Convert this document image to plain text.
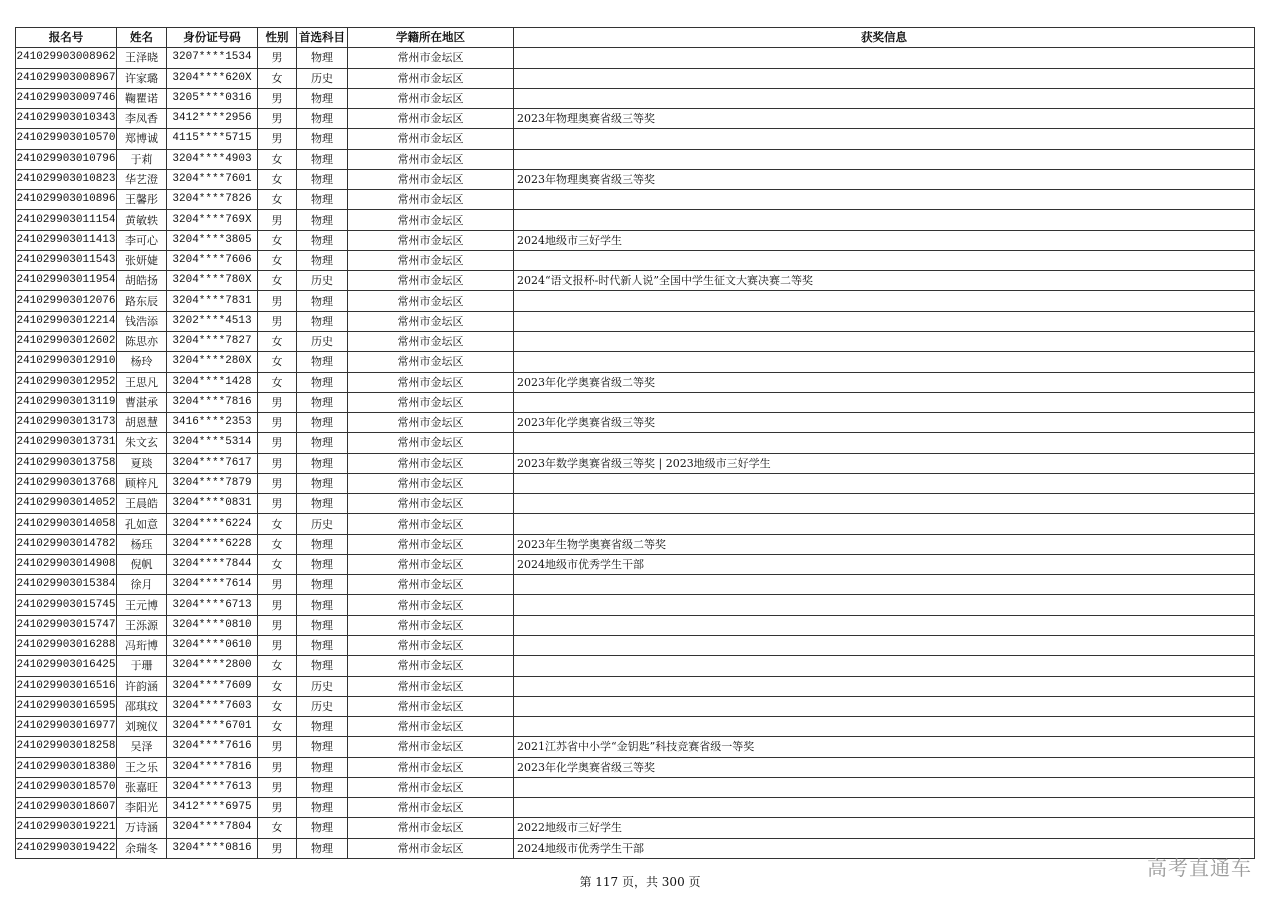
报名号	姓名	身份证号码	性别	首选科目	学籍所在地区	获奖信息
241029903008962	王泽晓	3207****1534	男	物理	常州市金坛区	
241029903008967	许家璐	3204****620X	女	历史	常州市金坛区	
241029903009746	鞠瞿诺	3205****0316	男	物理	常州市金坛区	
241029903010343	李凤香	3412****2956	男	物理	常州市金坛区	2023年物理奥赛省级三等奖
241029903010570	郑博诚	4115****5715	男	物理	常州市金坛区	
241029903010796	于莉	3204****4903	女	物理	常州市金坛区	
241029903010823	华艺澄	3204****7601	女	物理	常州市金坛区	2023年物理奥赛省级三等奖
241029903010896	王馨彤	3204****7826	女	物理	常州市金坛区	
241029903011154	黄敏轶	3204****769X	男	物理	常州市金坛区	
241029903011413	李可心	3204****3805	女	物理	常州市金坛区	2024地级市三好学生
241029903011543	张妍婕	3204****7606	女	物理	常州市金坛区	
241029903011954	胡皓扬	3204****780X	女	历史	常州市金坛区	2024“语文报杯-时代新人说”全国中学生征文大赛决赛二等奖
241029903012076	路东辰	3204****7831	男	物理	常州市金坛区	
241029903012214	钱浩添	3202****4513	男	物理	常州市金坛区	
241029903012602	陈思亦	3204****7827	女	历史	常州市金坛区	
241029903012910	杨玲	3204****280X	女	物理	常州市金坛区	
241029903012952	王思凡	3204****1428	女	物理	常州市金坛区	2023年化学奥赛省级二等奖
241029903013119	曹湛承	3204****7816	男	物理	常州市金坛区	
241029903013173	胡恩慧	3416****2353	男	物理	常州市金坛区	2023年化学奥赛省级三等奖
241029903013731	朱文玄	3204****5314	男	物理	常州市金坛区	
241029903013758	夏琰	3204****7617	男	物理	常州市金坛区	2023年数学奥赛省级三等奖 | 2023地级市三好学生
241029903013768	顾梓凡	3204****7879	男	物理	常州市金坛区	
241029903014052	王晨皓	3204****0831	男	物理	常州市金坛区	
241029903014058	孔如意	3204****6224	女	历史	常州市金坛区	
241029903014782	杨珏	3204****6228	女	物理	常州市金坛区	2023年生物学奥赛省级二等奖
241029903014908	倪帆	3204****7844	女	物理	常州市金坛区	2024地级市优秀学生干部
241029903015384	徐月	3204****7614	男	物理	常州市金坛区	
241029903015745	王元博	3204****6713	男	物理	常州市金坛区	
241029903015747	王泺源	3204****0810	男	物理	常州市金坛区	
241029903016288	冯珩博	3204****0610	男	物理	常州市金坛区	
241029903016425	于珊	3204****2800	女	物理	常州市金坛区	
241029903016516	许韵涵	3204****7609	女	历史	常州市金坛区	
241029903016595	邵琪玟	3204****7603	女	历史	常州市金坛区	
241029903016977	刘琬仪	3204****6701	女	物理	常州市金坛区	
241029903018258	吴泽	3204****7616	男	物理	常州市金坛区	2021江苏省中小学“金钥匙”科技竞赛省级一等奖
241029903018380	王之乐	3204****7816	男	物理	常州市金坛区	2023年化学奥赛省级三等奖
241029903018570	张嘉旺	3204****7613	男	物理	常州市金坛区	
241029903018607	李阳光	3412****6975	男	物理	常州市金坛区	
241029903019221	万诗涵	3204****7804	女	物理	常州市金坛区	2022地级市三好学生
241029903019422	余瑞冬	3204****0816	男	物理	常州市金坛区	2024地级市优秀学生干部
第 117 页，共 300 页
高考直通车
